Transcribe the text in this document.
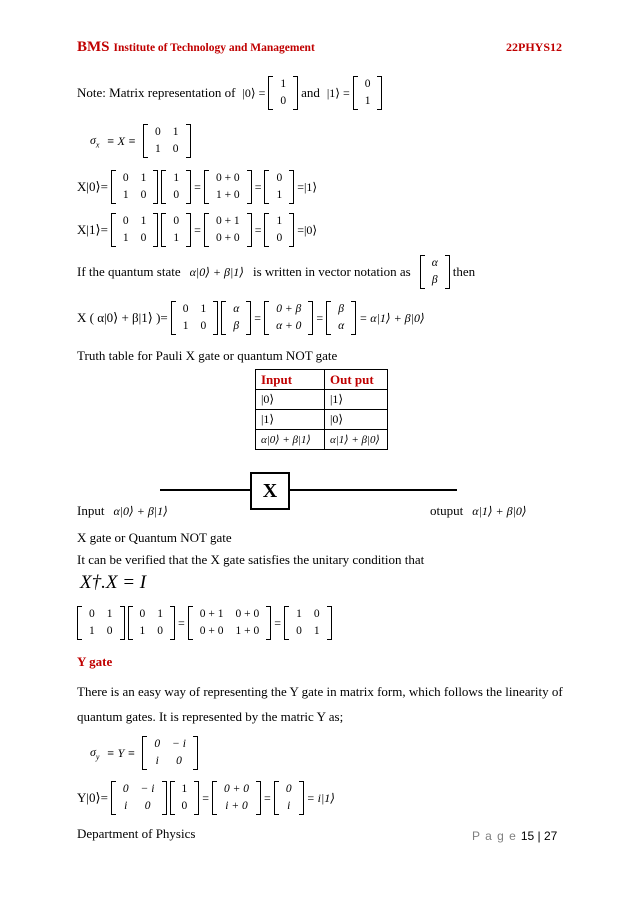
BMS Institute of Technology and Management	22PHYS12
Note: Matrix representation of |0⟩ =
1
0
and |1⟩ =
0
1
$\sigma_x \equiv X$ ≡
0	1
1	0
X|0⟩=
0	1
1	0
1
0
=
0 + 0
1 + 0
=
0
1
=|1⟩
X|1⟩=
0	1
1	0
0
1
=
0 + 1
0 + 0
=
1
0
=|0⟩
If the quantum state α|0⟩ + β|1⟩ is written in vector notation as
α
β
then
X ( α|0⟩ + β|1⟩ )=
0	1
1	0
α
β
=
0 + β
α + 0
=
β
α
= α|1⟩ + β|0⟩
Truth table for Pauli X gate or quantum NOT gate
Input	Out put
|0⟩	|1⟩
|1⟩	|0⟩
α|0⟩ + β|1⟩	α|1⟩ + β|0⟩
X
Input α|0⟩ + β|1⟩	otuput α|1⟩ + β|0⟩
X gate or Quantum NOT gate
It can be verified that the X gate satisfies the unitary condition that
X†.X = I
0	1
1	0
0	1
1	0
=
0 + 1	0 + 0
0 + 0	1 + 0
=
1	0
0	1
Y gate
There is an easy way of representing the Y gate in matrix form, which follows the linearity of
quantum gates. It is represented by the matric Y as;
$\sigma_y \equiv Y$ ≡
0	− i
i	0
Y|0⟩=
0	− i
i	0
1
0
=
0 + 0
i + 0
=
0
i
= i|1⟩
Department of Physics	P a g e 15 | 27
